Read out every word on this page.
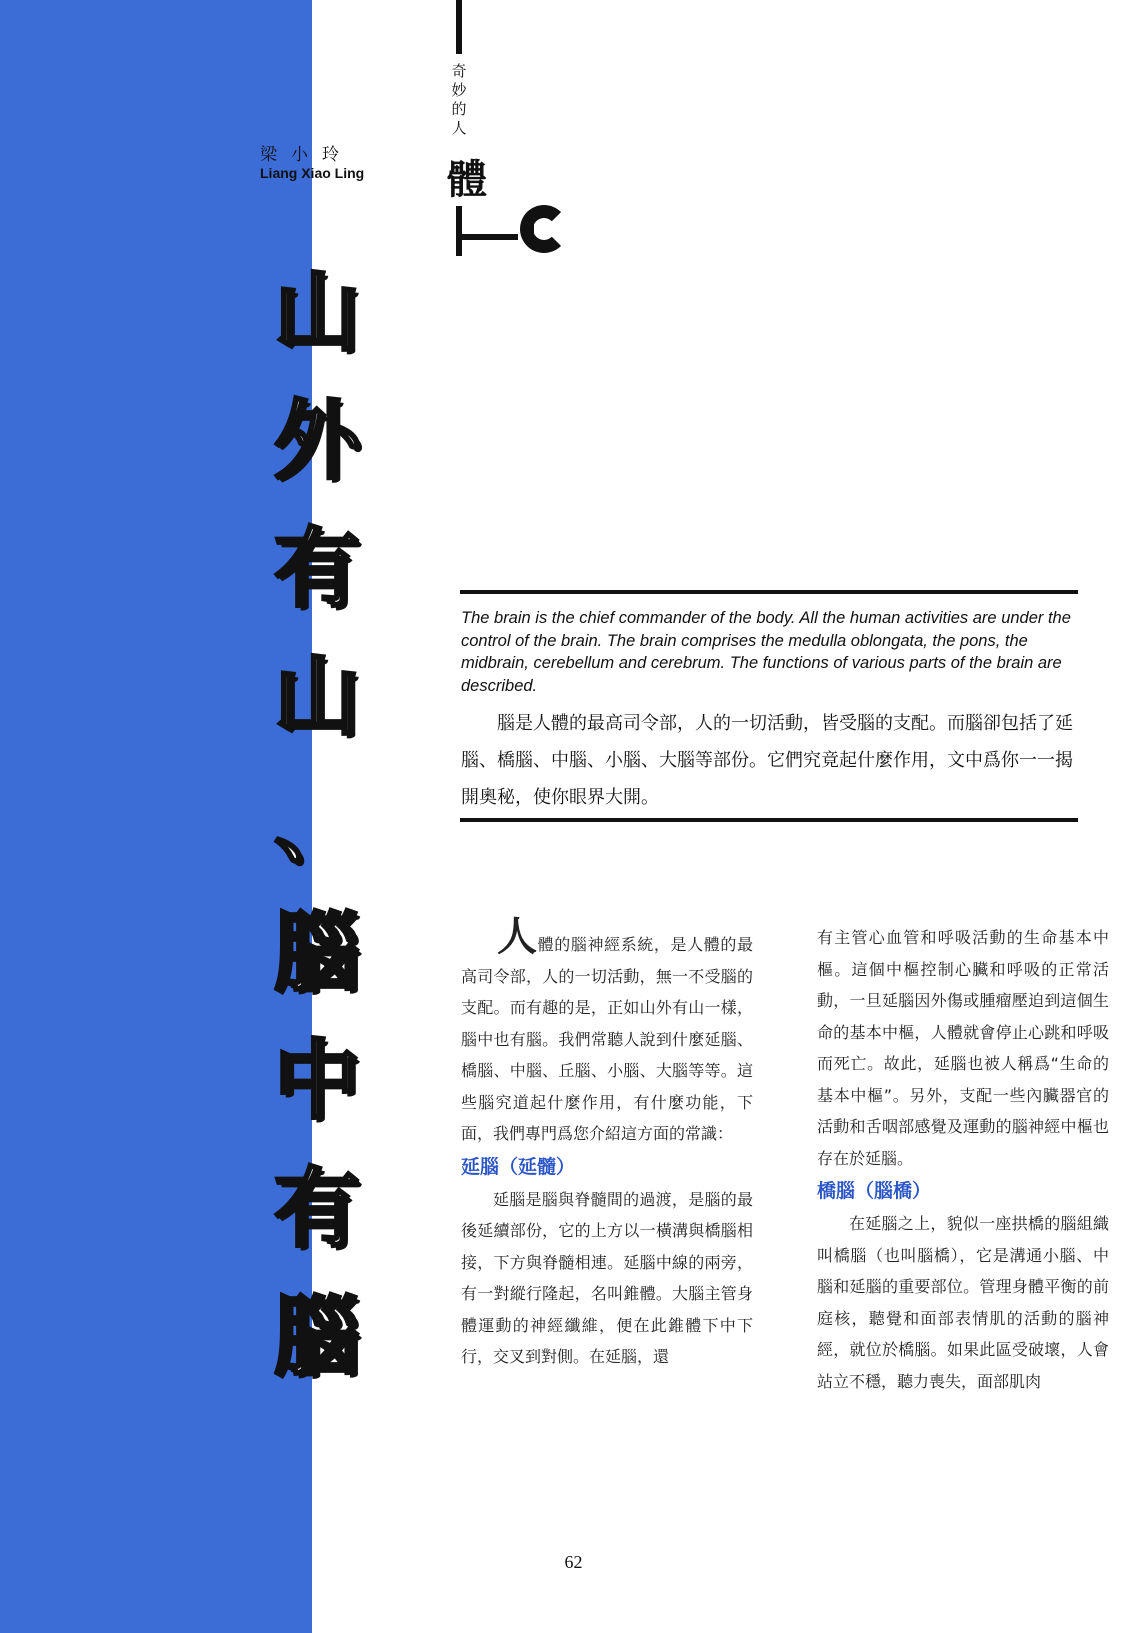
梁小玲
Liang Xiao Ling
山
外
有
山
、
腦
中
有
腦
奇妙的人
體
The brain is the chief commander of the body. All the human activities are under the control of the brain. The brain comprises the medulla oblongata, the pons, the midbrain, cerebellum and cerebrum. The functions of various parts of the brain are described.
腦是人體的最高司令部，人的一切活動，皆受腦的支配。而腦卻包括了延腦、橋腦、中腦、小腦、大腦等部份。它們究竟起什麼作用，文中爲你一一揭開奧秘，使你眼界大開。

人體的腦神經系統，是人體的最高司令部，人的一切活動，無一不受腦的支配。而有趣的是，正如山外有山一樣，腦中也有腦。我們常聽人說到什麼延腦、橋腦、中腦、丘腦、小腦、大腦等等。這些腦究道起什麼作用，有什麼功能，下面，我們專門爲您介紹這方面的常識：

延腦（延髓）

延腦是腦與脊髓間的過渡，是腦的最後延續部份，它的上方以一橫溝與橋腦相接，下方與脊髓相連。延腦中線的兩旁，有一對縱行隆起，名叫錐體。大腦主管身體運動的神經纖維，便在此錐體下中下行，交叉到對側。在延腦，還

有主管心血管和呼吸活動的生命基本中樞。這個中樞控制心臟和呼吸的正常活動，一旦延腦因外傷或腫瘤壓迫到這個生命的基本中樞，人體就會停止心跳和呼吸而死亡。故此，延腦也被人稱爲“生命的基本中樞”。另外，支配一些內臟器官的活動和舌咽部感覺及運動的腦神經中樞也存在於延腦。

橋腦（腦橋）

在延腦之上，貌似一座拱橋的腦組織叫橋腦（也叫腦橋），它是溝通小腦、中腦和延腦的重要部位。管理身體平衡的前庭核，聽覺和面部表情肌的活動的腦神經，就位於橋腦。如果此區受破壞，人會站立不穩，聽力喪失，面部肌肉

62
